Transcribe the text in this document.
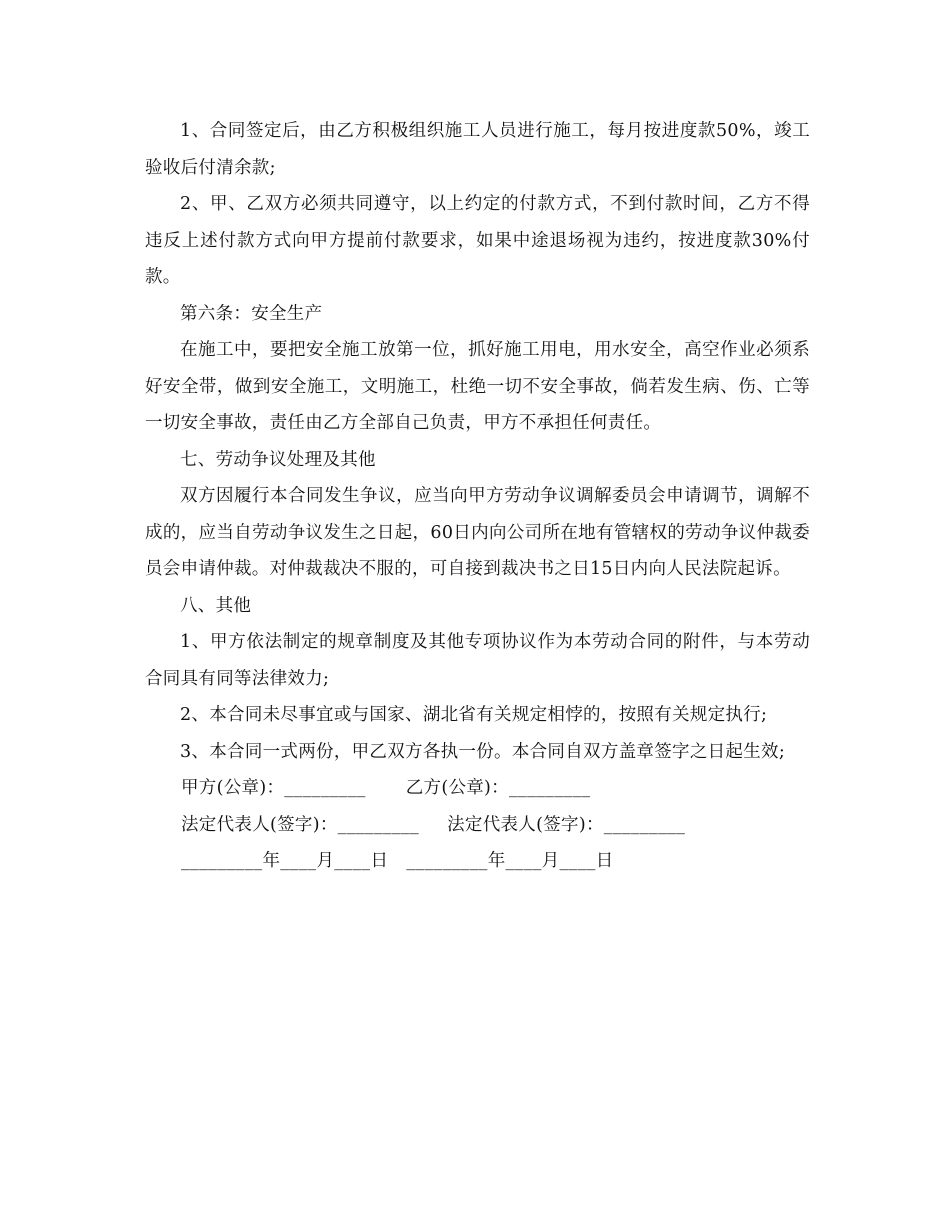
1、合同签定后，由乙方积极组织施工人员进行施工，每月按进度款50%，竣工验收后付清余款;

2、甲、乙双方必须共同遵守，以上约定的付款方式，不到付款时间，乙方不得违反上述付款方式向甲方提前付款要求，如果中途退场视为违约，按进度款30%付款。

第六条：安全生产

在施工中，要把安全施工放第一位，抓好施工用电，用水安全，高空作业必须系好安全带，做到安全施工，文明施工，杜绝一切不安全事故，倘若发生病、伤、亡等一切安全事故，责任由乙方全部自己负责，甲方不承担任何责任。

七、劳动争议处理及其他

双方因履行本合同发生争议，应当向甲方劳动争议调解委员会申请调节，调解不成的，应当自劳动争议发生之日起，60日内向公司所在地有管辖权的劳动争议仲裁委员会申请仲裁。对仲裁裁决不服的，可自接到裁决书之日15日内向人民法院起诉。

八、其他

1、甲方依法制定的规章制度及其他专项协议作为本劳动合同的附件，与本劳动合同具有同等法律效力;

2、本合同未尽事宜或与国家、湖北省有关规定相悖的，按照有关规定执行;

3、本合同一式两份，甲乙双方各执一份。本合同自双方盖章签字之日起生效;

甲方(公章)：_________ 乙方(公章)：_________
法定代表人(签字)：_________ 法定代表人(签字)：_________
_________年____月____日 _________年____月____日
